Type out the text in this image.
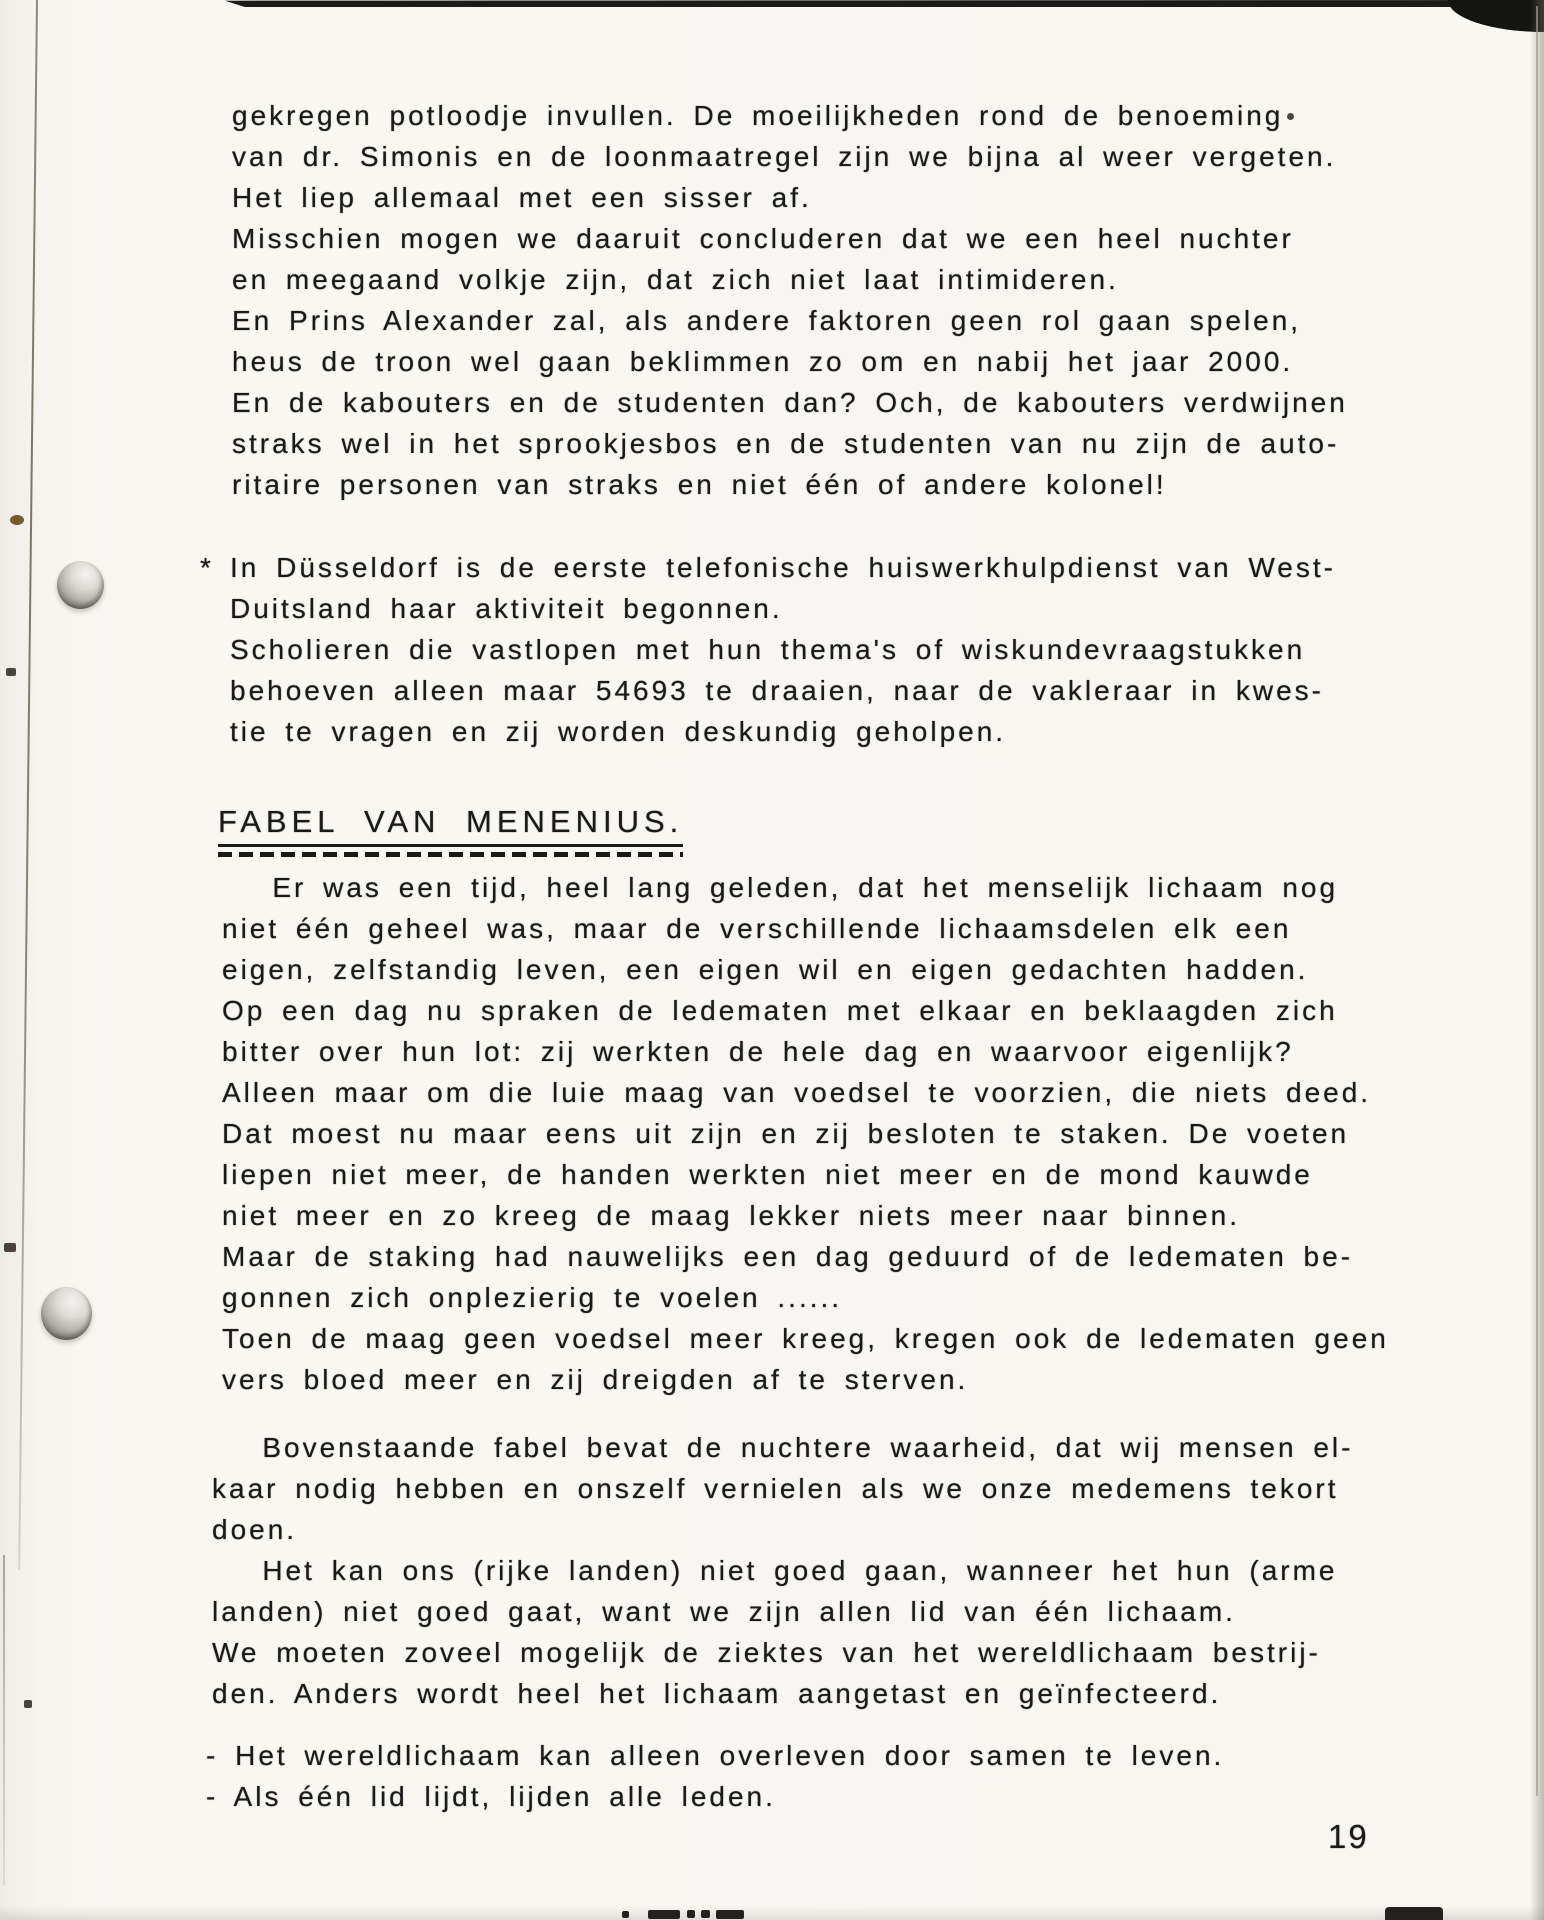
gekregen potloodje invullen. De moeilijkheden rond de benoeming
van dr. Simonis en de loonmaatregel zijn we bijna al weer vergeten.
Het liep allemaal met een sisser af.
Misschien mogen we daaruit concluderen dat we een heel nuchter
en meegaand volkje zijn, dat zich niet laat intimideren.
En Prins Alexander zal, als andere faktoren geen rol gaan spelen,
heus de troon wel gaan beklimmen zo om en nabij het jaar 2000.
En de kabouters en de studenten dan? Och, de kabouters verdwijnen
straks wel in het sprookjesbos en de studenten van nu zijn de auto-
ritaire personen van straks en niet één of andere kolonel!
* In Düsseldorf is de eerste telefonische huiswerkhulpdienst van West-
Duitsland haar aktiviteit begonnen.
Scholieren die vastlopen met hun thema's of wiskundevraagstukken
behoeven alleen maar 54693 te draaien, naar de vakleraar in kwes-
tie te vragen en zij worden deskundig geholpen.
FABEL VAN MENENIUS.
Er was een tijd, heel lang geleden, dat het menselijk lichaam nog
niet één geheel was, maar de verschillende lichaamsdelen elk een
eigen, zelfstandig leven, een eigen wil en eigen gedachten hadden.
Op een dag nu spraken de ledematen met elkaar en beklaagden zich
bitter over hun lot: zij werkten de hele dag en waarvoor eigenlijk?
Alleen maar om die luie maag van voedsel te voorzien, die niets deed.
Dat moest nu maar eens uit zijn en zij besloten te staken. De voeten
liepen niet meer, de handen werkten niet meer en de mond kauwde
niet meer en zo kreeg de maag lekker niets meer naar binnen.
Maar de staking had nauwelijks een dag geduurd of de ledematen be-
gonnen zich onplezierig te voelen ......
Toen de maag geen voedsel meer kreeg, kregen ook de ledematen geen
vers bloed meer en zij dreigden af te sterven.
Bovenstaande fabel bevat de nuchtere waarheid, dat wij mensen el-
kaar nodig hebben en onszelf vernielen als we onze medemens tekort
doen.
Het kan ons (rijke landen) niet goed gaan, wanneer het hun (arme
landen) niet goed gaat, want we zijn allen lid van één lichaam.
We moeten zoveel mogelijk de ziektes van het wereldlichaam bestrij-
den. Anders wordt heel het lichaam aangetast en geïnfecteerd.
- Het wereldlichaam kan alleen overleven door samen te leven.
- Als één lid lijdt, lijden alle leden.
19
